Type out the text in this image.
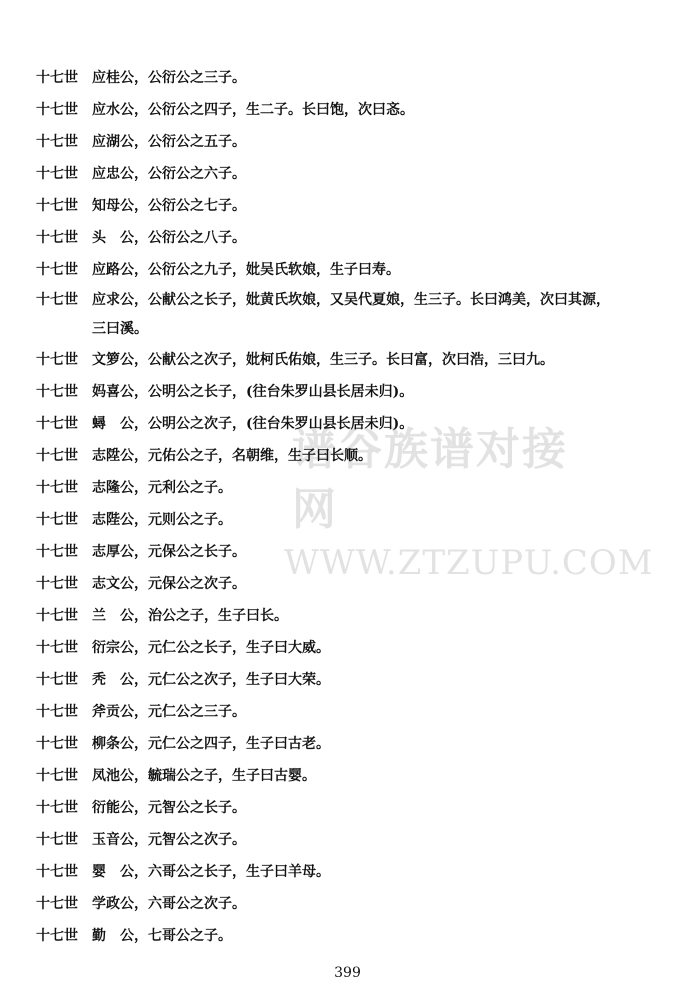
谱谷族谱对接网
WWW.ZTZUPU.COM
十七世 应桂公，公衍公之三子。
十七世 应水公，公衍公之四子，生二子。长曰饱，次曰忞。
十七世 应湖公，公衍公之五子。
十七世 应忠公，公衍公之六子。
十七世 知母公，公衍公之七子。
十七世 头　公，公衍公之八子。
十七世 应路公，公衍公之九子，妣吴氏软娘，生子曰寿。
十七世 应求公，公献公之长子，妣黄氏坎娘，又吴代夏娘，生三子。长曰鸿美，次曰其源，
三曰溪。
十七世 文箩公，公献公之次子，妣柯氏佑娘，生三子。长曰富，次曰浩，三曰九。
十七世 妈喜公，公明公之长子，(往台朱罗山县长居未归)。
十七世 蟳　公，公明公之次子，(往台朱罗山县长居未归)。
十七世 志陞公，元佑公之子，名朝维，生子曰长顺。
十七世 志隆公，元利公之子。
十七世 志陛公，元则公之子。
十七世 志厚公，元保公之长子。
十七世 志文公，元保公之次子。
十七世 兰　公，治公之子，生子曰长。
十七世 衍宗公，元仁公之长子，生子曰大威。
十七世 秃　公，元仁公之次子，生子曰大荣。
十七世 斧贡公，元仁公之三子。
十七世 柳条公，元仁公之四子，生子曰古老。
十七世 凤池公，毓瑞公之子，生子曰古婴。
十七世 衍能公，元智公之长子。
十七世 玉音公，元智公之次子。
十七世 婴　公，六哥公之长子，生子曰羊母。
十七世 学政公，六哥公之次子。
十七世 勤　公，七哥公之子。
399
